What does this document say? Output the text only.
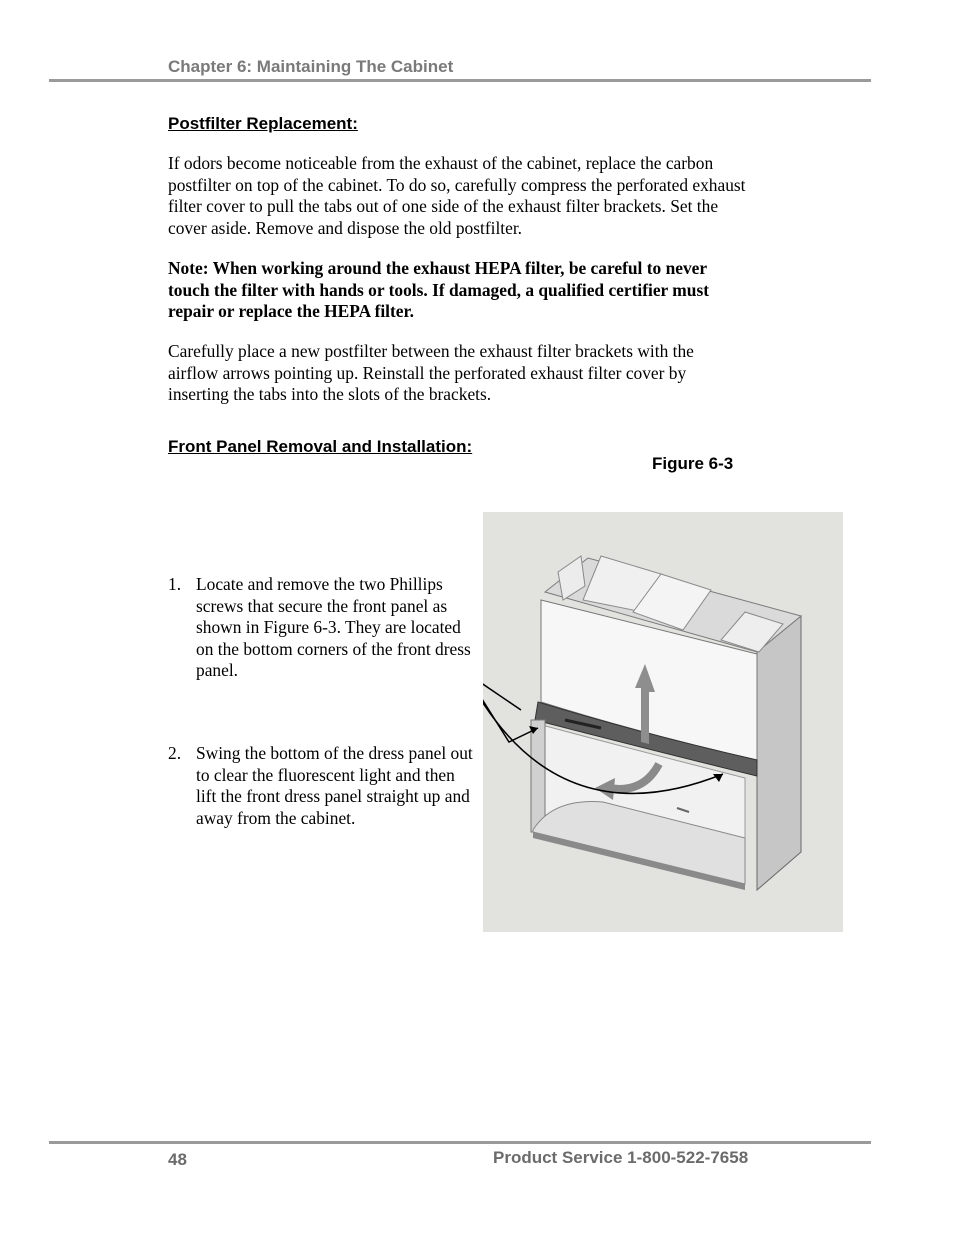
Chapter 6: Maintaining The Cabinet
Postfilter Replacement:
If odors become noticeable from the exhaust of the cabinet, replace the carbon postfilter on top of the cabinet. To do so, carefully compress the perforated exhaust filter cover to pull the tabs out of one side of the exhaust filter brackets. Set the cover aside. Remove and dispose the old postfilter.
Note: When working around the exhaust HEPA filter, be careful to never touch the filter with hands or tools. If damaged, a qualified certifier must repair or replace the HEPA filter.
Carefully place a new postfilter between the exhaust filter brackets with the airflow arrows pointing up. Reinstall the perforated exhaust filter cover by inserting the tabs into the slots of the brackets.
Front Panel Removal and Installation:
Figure 6-3
1. Locate and remove the two Phillips screws that secure the front panel as shown in Figure 6-3. They are located on the bottom corners of the front dress panel.
2. Swing the bottom of the dress panel out to clear the fluorescent light and then lift the front dress panel straight up and away from the cabinet.
48	Product Service 1-800-522-7658
